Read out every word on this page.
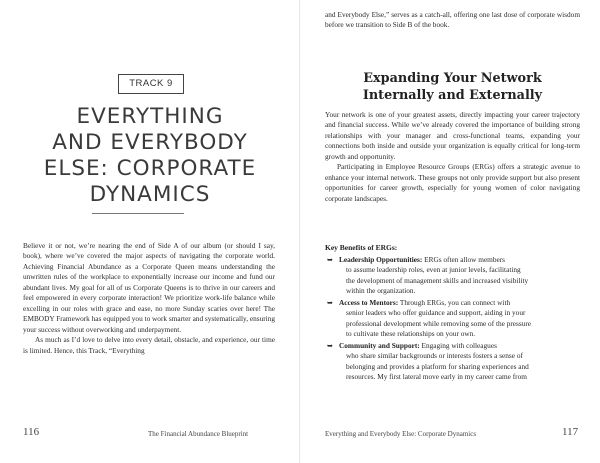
TRACK 9
EVERYTHING
AND EVERYBODY
ELSE: CORPORATE
DYNAMICS

Believe it or not, we’re nearing the end of Side A of our album (or should I say, book), where we’ve covered the major aspects of navigating the corporate world. Achieving Financial Abundance as a Corporate Queen means understanding the unwritten rules of the workplace to exponentially increase our income and fund our abundant lives. My goal for all of us Corporate Queens is to thrive in our careers and feel empowered in every corporate interaction! We prioritize work-life balance while excelling in our roles with grace and ease, no more Sunday scaries over here! The EMBODY Framework has equipped you to work smarter and systematically, ensuring your success without overworking and underpayment.

As much as I’d love to delve into every detail, obstacle, and experience, our time is limited. Hence, this Track, “Everything

116	The Financial Abundance Blueprint

and Everybody Else,” serves as a catch-all, offering one last dose of corporate wisdom before we transition to Side B of the book.

Expanding Your Network
Internally and Externally

Your network is one of your greatest assets, directly impacting your career trajectory and financial success. While we’ve already covered the importance of building strong relationships with your manager and cross-functional teams, expanding your connections both inside and outside your organization is equally critical for long-term growth and opportunity.

Participating in Employee Resource Groups (ERGs) offers a strategic avenue to enhance your internal network. These groups not only provide support but also present opportunities for career growth, especially for young women of color navigating corporate landscapes.

Key Benefits of ERGs:
➥ Leadership Opportunities: ERGs often allow members
to assume leadership roles, even at junior levels, facilitating
the development of management skills and increased visibility
within the organization.
➥ Access to Mentors: Through ERGs, you can connect with
senior leaders who offer guidance and support, aiding in your
professional development while removing some of the pressure
to cultivate these relationships on your own.
➥ Community and Support: Engaging with colleagues
who share similar backgrounds or interests fosters a sense of
belonging and provides a platform for sharing experiences and
resources. My first lateral move early in my career came from
Everything and Everybody Else: Corporate Dynamics	117
